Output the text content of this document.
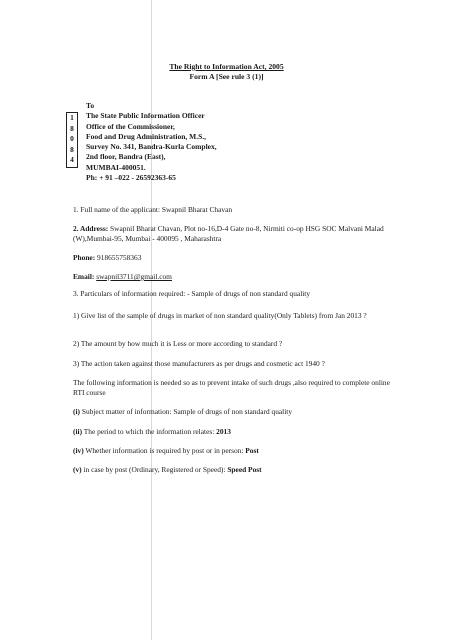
The Right to Information Act, 2005
Form A [See rule 3 (1)]
1
8
0
8
4
To
The State Public Information Officer
Office of the Commissioner,
Food and Drug Administration, M.S.,
Survey No. 341, Bandra-Kurla Complex,
2nd floor, Bandra (East),
MUMBAI-400051.
Ph: + 91 –022 - 26592363-65

1. Full name of the applicant: Swapnil Bharat Chavan

2. Address: Swapnil Bharat Chavan, Plot no-16,D-4 Gate no-8, Nirmiti co-op HSG SOC Malvani Malad (W),Mumbai-95, Mumbai - 400095 , Maharashtra

Phone: 918655758363

Email: swapnil3711@gmail.com

3. Particulars of information required: - Sample of drugs of non standard quality

1) Give list of the sample of drugs in market of non standard quality(Only Tablets) from Jan 2013 ?

2) The amount by how much it is Less or more according to standard ?

3) The action taken against those manufacturers as per drugs and cosmetic act 1940 ?

The following information is needed so as to prevent intake of such drugs ,also required to complete online RTI course

(i) Subject matter of information: Sample of drugs of non standard quality

(ii) The period to which the information relates: 2013

(iv) Whether information is required by post or in person: Post

(v) in case by post (Ordinary, Registered or Speed): Speed Post
